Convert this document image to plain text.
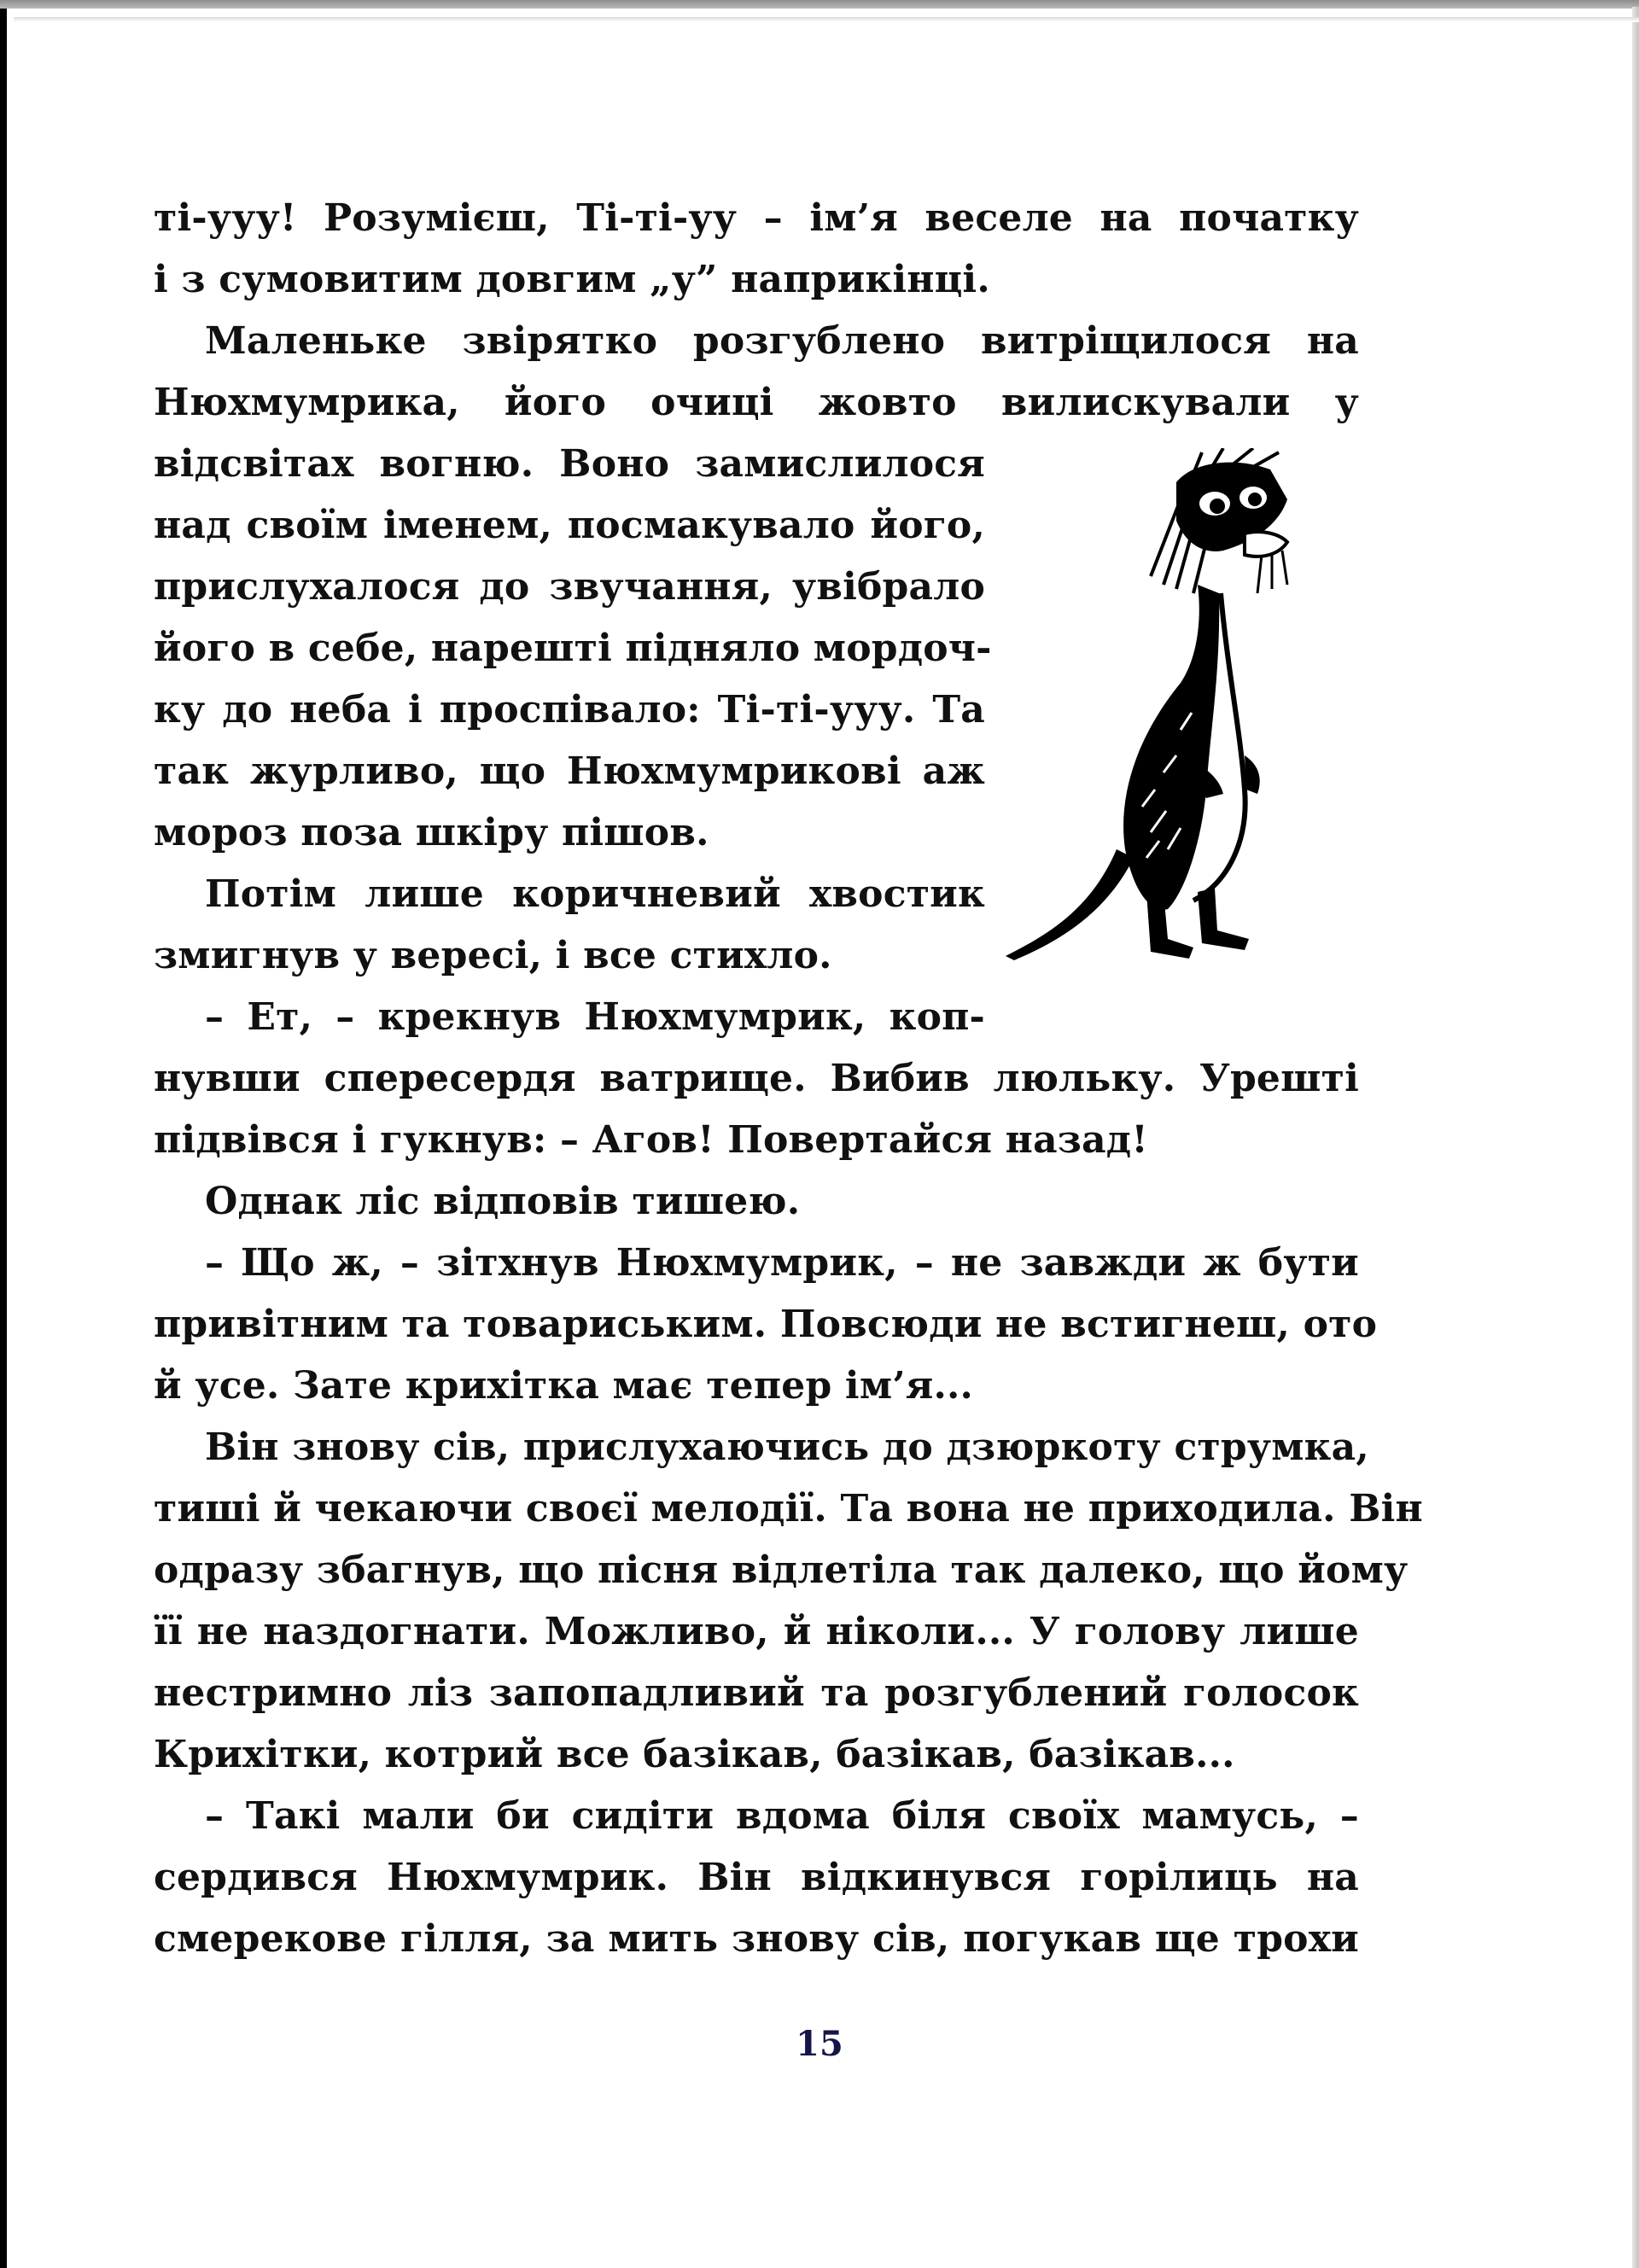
ті-ууу! Розумієш, Ті-ті-уу – ім’я веселе на початку
і з сумовитим довгим „у” наприкінці.
Маленьке звірятко розгублено витріщилося на
Нюхмумрика, його очиці жовто вилискували у
відсвітах вогню. Воно замислилося
над своїм іменем, посмакувало його,
прислухалося до звучання, увібрало
його в себе, нарешті підняло мордоч-
ку до неба і проспівало: Ті-ті-ууу. Та
так журливо, що Нюхмумрикові аж
мороз поза шкіру пішов.
Потім лише коричневий хвостик
змигнув у вересі, і все стихло.
– Ет, – крекнув Нюхмумрик, коп-
нувши спересердя ватрище. Вибив люльку. Урешті
підвівся і гукнув: – Агов! Повертайся назад!
Однак ліс відповів тишею.
– Що ж, – зітхнув Нюхмумрик, – не завжди ж бути
привітним та товариським. Повсюди не встигнеш, ото
й усе. Зате крихітка має тепер ім’я...
Він знову сів, прислухаючись до дзюркоту струмка,
тиші й чекаючи своєї мелодії. Та вона не приходила. Він
одразу збагнув, що пісня відлетіла так далеко, що йому
її не наздогнати. Можливо, й ніколи... У голову лише
нестримно ліз запопадливий та розгублений голосок
Крихітки, котрий все базікав, базікав, базікав...
– Такі мали би сидіти вдома біля своїх мамусь, –
сердився Нюхмумрик. Він відкинувся горілиць на
смерекове гілля, за мить знову сів, погукав ще трохи
15
